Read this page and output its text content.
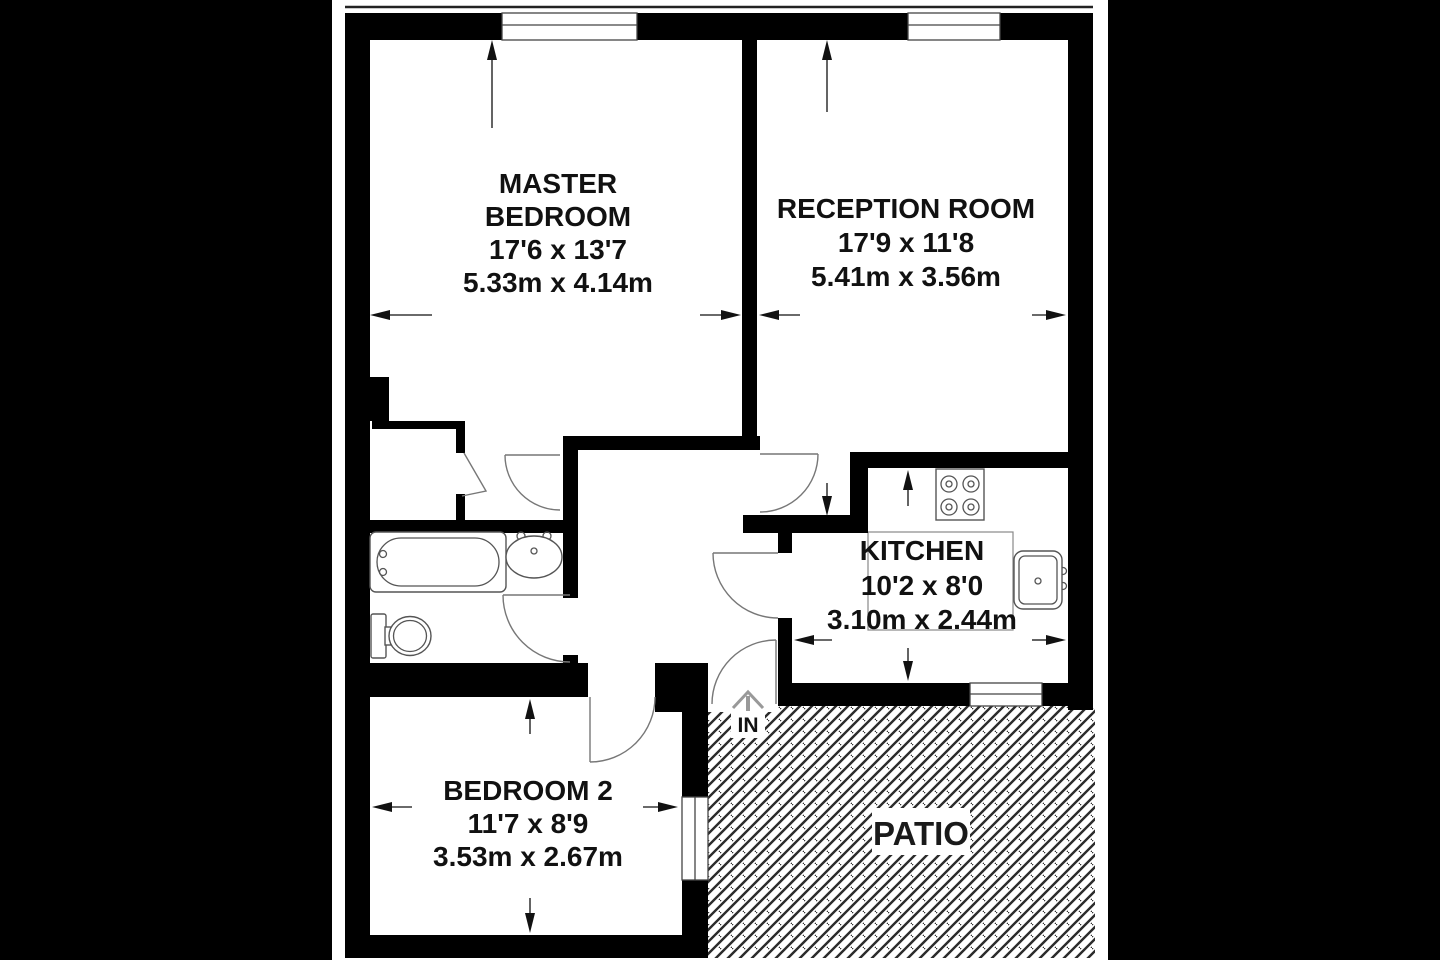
IN
MASTER
BEDROOM
17'6 x 13'7
5.33m x 4.14m
RECEPTION ROOM
17'9 x 11'8
5.41m x 3.56m
KITCHEN
10'2 x 8'0
3.10m x 2.44m
BEDROOM 2
11'7 x 8'9
3.53m x 2.67m
PATIO
